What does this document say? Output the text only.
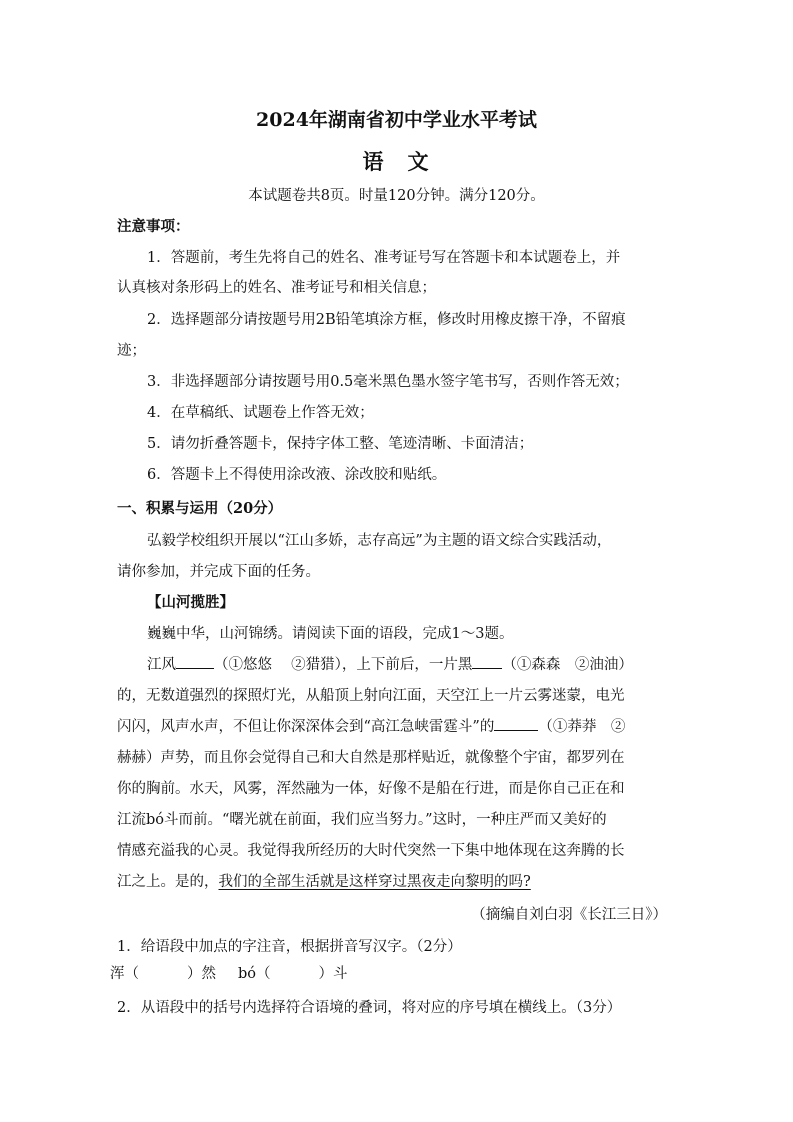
2024年湖南省初中学业水平考试
语 文
本试题卷共8页。时量120分钟。满分120分。
注意事项：
1．答题前，考生先将自己的姓名、准考证号写在答题卡和本试题卷上，并
认真核对条形码上的姓名、准考证号和相关信息；
2．选择题部分请按题号用2B铅笔填涂方框，修改时用橡皮擦干净，不留痕
迹；
3．非选择题部分请按题号用0.5毫米黑色墨水签字笔书写，否则作答无效；
4．在草稿纸、试题卷上作答无效；
5．请勿折叠答题卡，保持字体工整、笔迹清晰、卡面清洁；
6．答题卡上不得使用涂改液、涂改胶和贴纸。
一、积累与运用（20分）
弘毅学校组织开展以“江山多娇，志存高远”为主题的语文综合实践活动，
请你参加，并完成下面的任务。
【山河揽胜】
巍巍中华，山河锦绣。请阅读下面的语段，完成1～3题。
江风	（①悠悠　 ②猎猎），上下前后，一片黑 （①森森　②油油）
的，无数道强烈的探照灯光，从船顶上射向江面，天空江上一片云雾迷蒙，电光
闪闪，风声水声，不但让你深深体会到“高江急峡雷霆斗”的	（①莽莽　②
赫赫）声势，而且你会觉得自己和大自然是那样贴近，就像整个宇宙，都罗列在
你的胸前。水天，风雾，浑然融为一体，好像不是船在行进，而是你自己正在和
江流bó斗而前。“曙光就在前面，我们应当努力。”这时，一种庄严而又美好的
情感充溢我的心灵。我觉得我所经历的大时代突然一下集中地体现在这奔腾的长
江之上。是的，我们的全部生活就是这样穿过黑夜走向黎明的吗?
（摘编自刘白羽《长江三日》）
1．给语段中加点的字注音，根据拼音写汉字。（2分）
浑（	）然 bó（	）斗
2．从语段中的括号内选择符合语境的叠词，将对应的序号填在横线上。（3分）
